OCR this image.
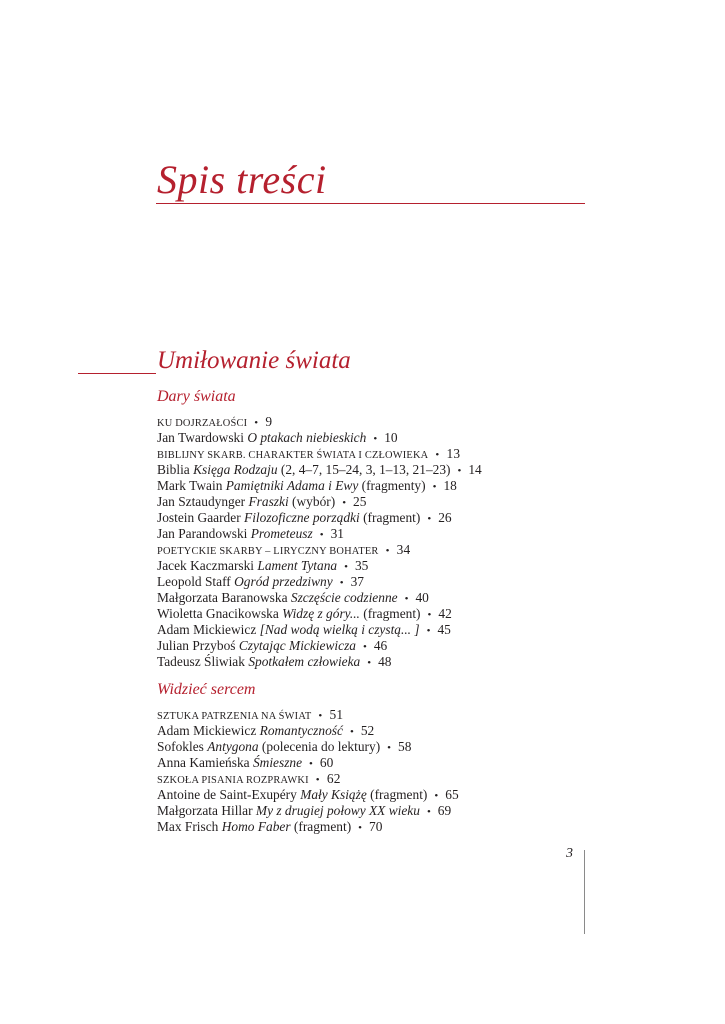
Spis treści
Umiłowanie świata
Dary świata
KU DOJRZAŁOŚCI • 9
Jan Twardowski O ptakach niebieskich • 10
BIBLIJNY SKARB. CHARAKTER ŚWIATA I CZŁOWIEKA • 13
Biblia Księga Rodzaju (2, 4–7, 15–24, 3, 1–13, 21–23) • 14
Mark Twain Pamiętniki Adama i Ewy (fragmenty) • 18
Jan Sztaudynger Fraszki (wybór) • 25
Jostein Gaarder Filozoficzne porządki (fragment) • 26
Jan Parandowski Prometeusz • 31
POETYCKIE SKARBY – LIRYCZNY BOHATER • 34
Jacek Kaczmarski Lament Tytana • 35
Leopold Staff Ogród przedziwny • 37
Małgorzata Baranowska Szczęście codzienne • 40
Wioletta Gnacikowska Widzę z góry... (fragment) • 42
Adam Mickiewicz [Nad wodą wielką i czystą... ] • 45
Julian Przyboś Czytając Mickiewicza • 46
Tadeusz Śliwiak Spotkałem człowieka • 48
Widzieć sercem
SZTUKA PATRZENIA NA ŚWIAT • 51
Adam Mickiewicz Romantyczność • 52
Sofokles Antygona (polecenia do lektury) • 58
Anna Kamieńska Śmieszne • 60
SZKOŁA PISANIA ROZPRAWKI • 62
Antoine de Saint-Exupéry Mały Książę (fragment) • 65
Małgorzata Hillar My z drugiej połowy XX wieku • 69
Max Frisch Homo Faber (fragment) • 70
3
